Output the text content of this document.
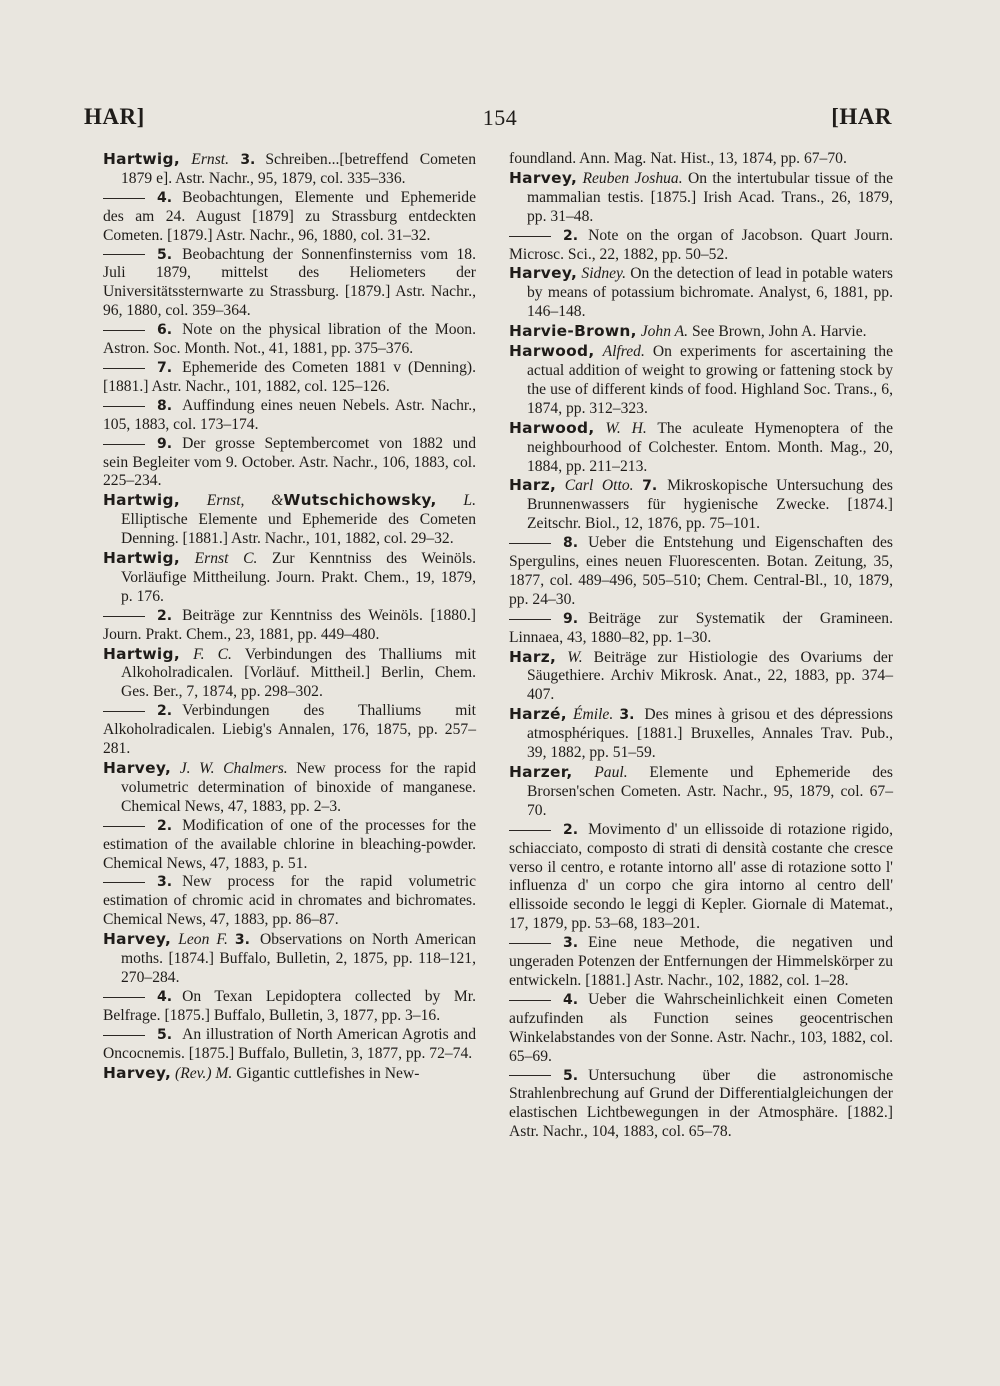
HAR]	154	[HAR

Hartwig, Ernst. 3. Schreiben...[betreffend Cometen 1879 e]. Astr. Nachr., 95, 1879, col. 335–336.

4. Beobachtungen, Elemente und Ephemeride des am 24. August [1879] zu Strassburg entdeckten Cometen. [1879.] Astr. Nachr., 96, 1880, col. 31–32.

5. Beobachtung der Sonnenfinsterniss vom 18. Juli 1879, mittelst des Heliometers der Universitätssternwarte zu Strassburg. [1879.] Astr. Nachr., 96, 1880, col. 359–364.

6. Note on the physical libration of the Moon. Astron. Soc. Month. Not., 41, 1881, pp. 375–376.

7. Ephemeride des Cometen 1881 v (Denning). [1881.] Astr. Nachr., 101, 1882, col. 125–126.

8. Auffindung eines neuen Nebels. Astr. Nachr., 105, 1883, col. 173–174.

9. Der grosse Septembercomet von 1882 und sein Begleiter vom 9. October. Astr. Nachr., 106, 1883, col. 225–234.

Hartwig, Ernst, &Wutschichowsky, L. Elliptische Elemente und Ephemeride des Cometen Denning. [1881.] Astr. Nachr., 101, 1882, col. 29–32.

Hartwig, Ernst C. Zur Kenntniss des Weinöls. Vorläufige Mittheilung. Journ. Prakt. Chem., 19, 1879, p. 176.

2. Beiträge zur Kenntniss des Weinöls. [1880.] Journ. Prakt. Chem., 23, 1881, pp. 449–480.

Hartwig, F. C. Verbindungen des Thalliums mit Alkoholradicalen. [Vorläuf. Mittheil.] Berlin, Chem. Ges. Ber., 7, 1874, pp. 298–302.

2. Verbindungen des Thalliums mit Alkoholradicalen. Liebig's Annalen, 176, 1875, pp. 257–281.

Harvey, J. W. Chalmers. New process for the rapid volumetric determination of binoxide of manganese. Chemical News, 47, 1883, pp. 2–3.

2. Modification of one of the processes for the estimation of the available chlorine in bleaching-powder. Chemical News, 47, 1883, p. 51.

3. New process for the rapid volumetric estimation of chromic acid in chromates and bichromates. Chemical News, 47, 1883, pp. 86–87.

Harvey, Leon F. 3. Observations on North American moths. [1874.] Buffalo, Bulletin, 2, 1875, pp. 118–121, 270–284.

4. On Texan Lepidoptera collected by Mr. Belfrage. [1875.] Buffalo, Bulletin, 3, 1877, pp. 3–16.

5. An illustration of North American Agrotis and Oncocnemis. [1875.] Buffalo, Bulletin, 3, 1877, pp. 72–74.

Harvey, (Rev.) M. Gigantic cuttlefishes in New-

foundland. Ann. Mag. Nat. Hist., 13, 1874, pp. 67–70.

Harvey, Reuben Joshua. On the intertubular tissue of the mammalian testis. [1875.] Irish Acad. Trans., 26, 1879, pp. 31–48.

2. Note on the organ of Jacobson. Quart Journ. Microsc. Sci., 22, 1882, pp. 50–52.

Harvey, Sidney. On the detection of lead in potable waters by means of potassium bichromate. Analyst, 6, 1881, pp. 146–148.

Harvie-Brown, John A. See Brown, John A. Harvie.

Harwood, Alfred. On experiments for ascertaining the actual addition of weight to growing or fattening stock by the use of different kinds of food. Highland Soc. Trans., 6, 1874, pp. 312–323.

Harwood, W. H. The aculeate Hymenoptera of the neighbourhood of Colchester. Entom. Month. Mag., 20, 1884, pp. 211–213.

Harz, Carl Otto. 7. Mikroskopische Untersuchung des Brunnenwassers für hygienische Zwecke. [1874.] Zeitschr. Biol., 12, 1876, pp. 75–101.

8. Ueber die Entstehung und Eigenschaften des Spergulins, eines neuen Fluorescenten. Botan. Zeitung, 35, 1877, col. 489–496, 505–510; Chem. Central-Bl., 10, 1879, pp. 24–30.

9. Beiträge zur Systematik der Gramineen. Linnaea, 43, 1880–82, pp. 1–30.

Harz, W. Beiträge zur Histiologie des Ovariums der Säugethiere. Archiv Mikrosk. Anat., 22, 1883, pp. 374–407.

Harzé, Émile. 3. Des mines à grisou et des dépressions atmosphériques. [1881.] Bruxelles, Annales Trav. Pub., 39, 1882, pp. 51–59.

Harzer, Paul. Elemente und Ephemeride des Brorsen'schen Cometen. Astr. Nachr., 95, 1879, col. 67–70.

2. Movimento d' un ellissoide di rotazione rigido, schiacciato, composto di strati di densità costante che cresce verso il centro, e rotante intorno all' asse di rotazione sotto l' influenza d' un corpo che gira intorno al centro dell' ellissoide secondo le leggi di Kepler. Giornale di Matemat., 17, 1879, pp. 53–68, 183–201.

3. Eine neue Methode, die negativen und ungeraden Potenzen der Entfernungen der Himmelskörper zu entwickeln. [1881.] Astr. Nachr., 102, 1882, col. 1–28.

4. Ueber die Wahrscheinlichkeit einen Cometen aufzufinden als Function seines geocentrischen Winkelabstandes von der Sonne. Astr. Nachr., 103, 1882, col. 65–69.

5. Untersuchung über die astronomische Strahlenbrechung auf Grund der Differentialgleichungen der elastischen Lichtbewegungen in der Atmosphäre. [1882.] Astr. Nachr., 104, 1883, col. 65–78.
